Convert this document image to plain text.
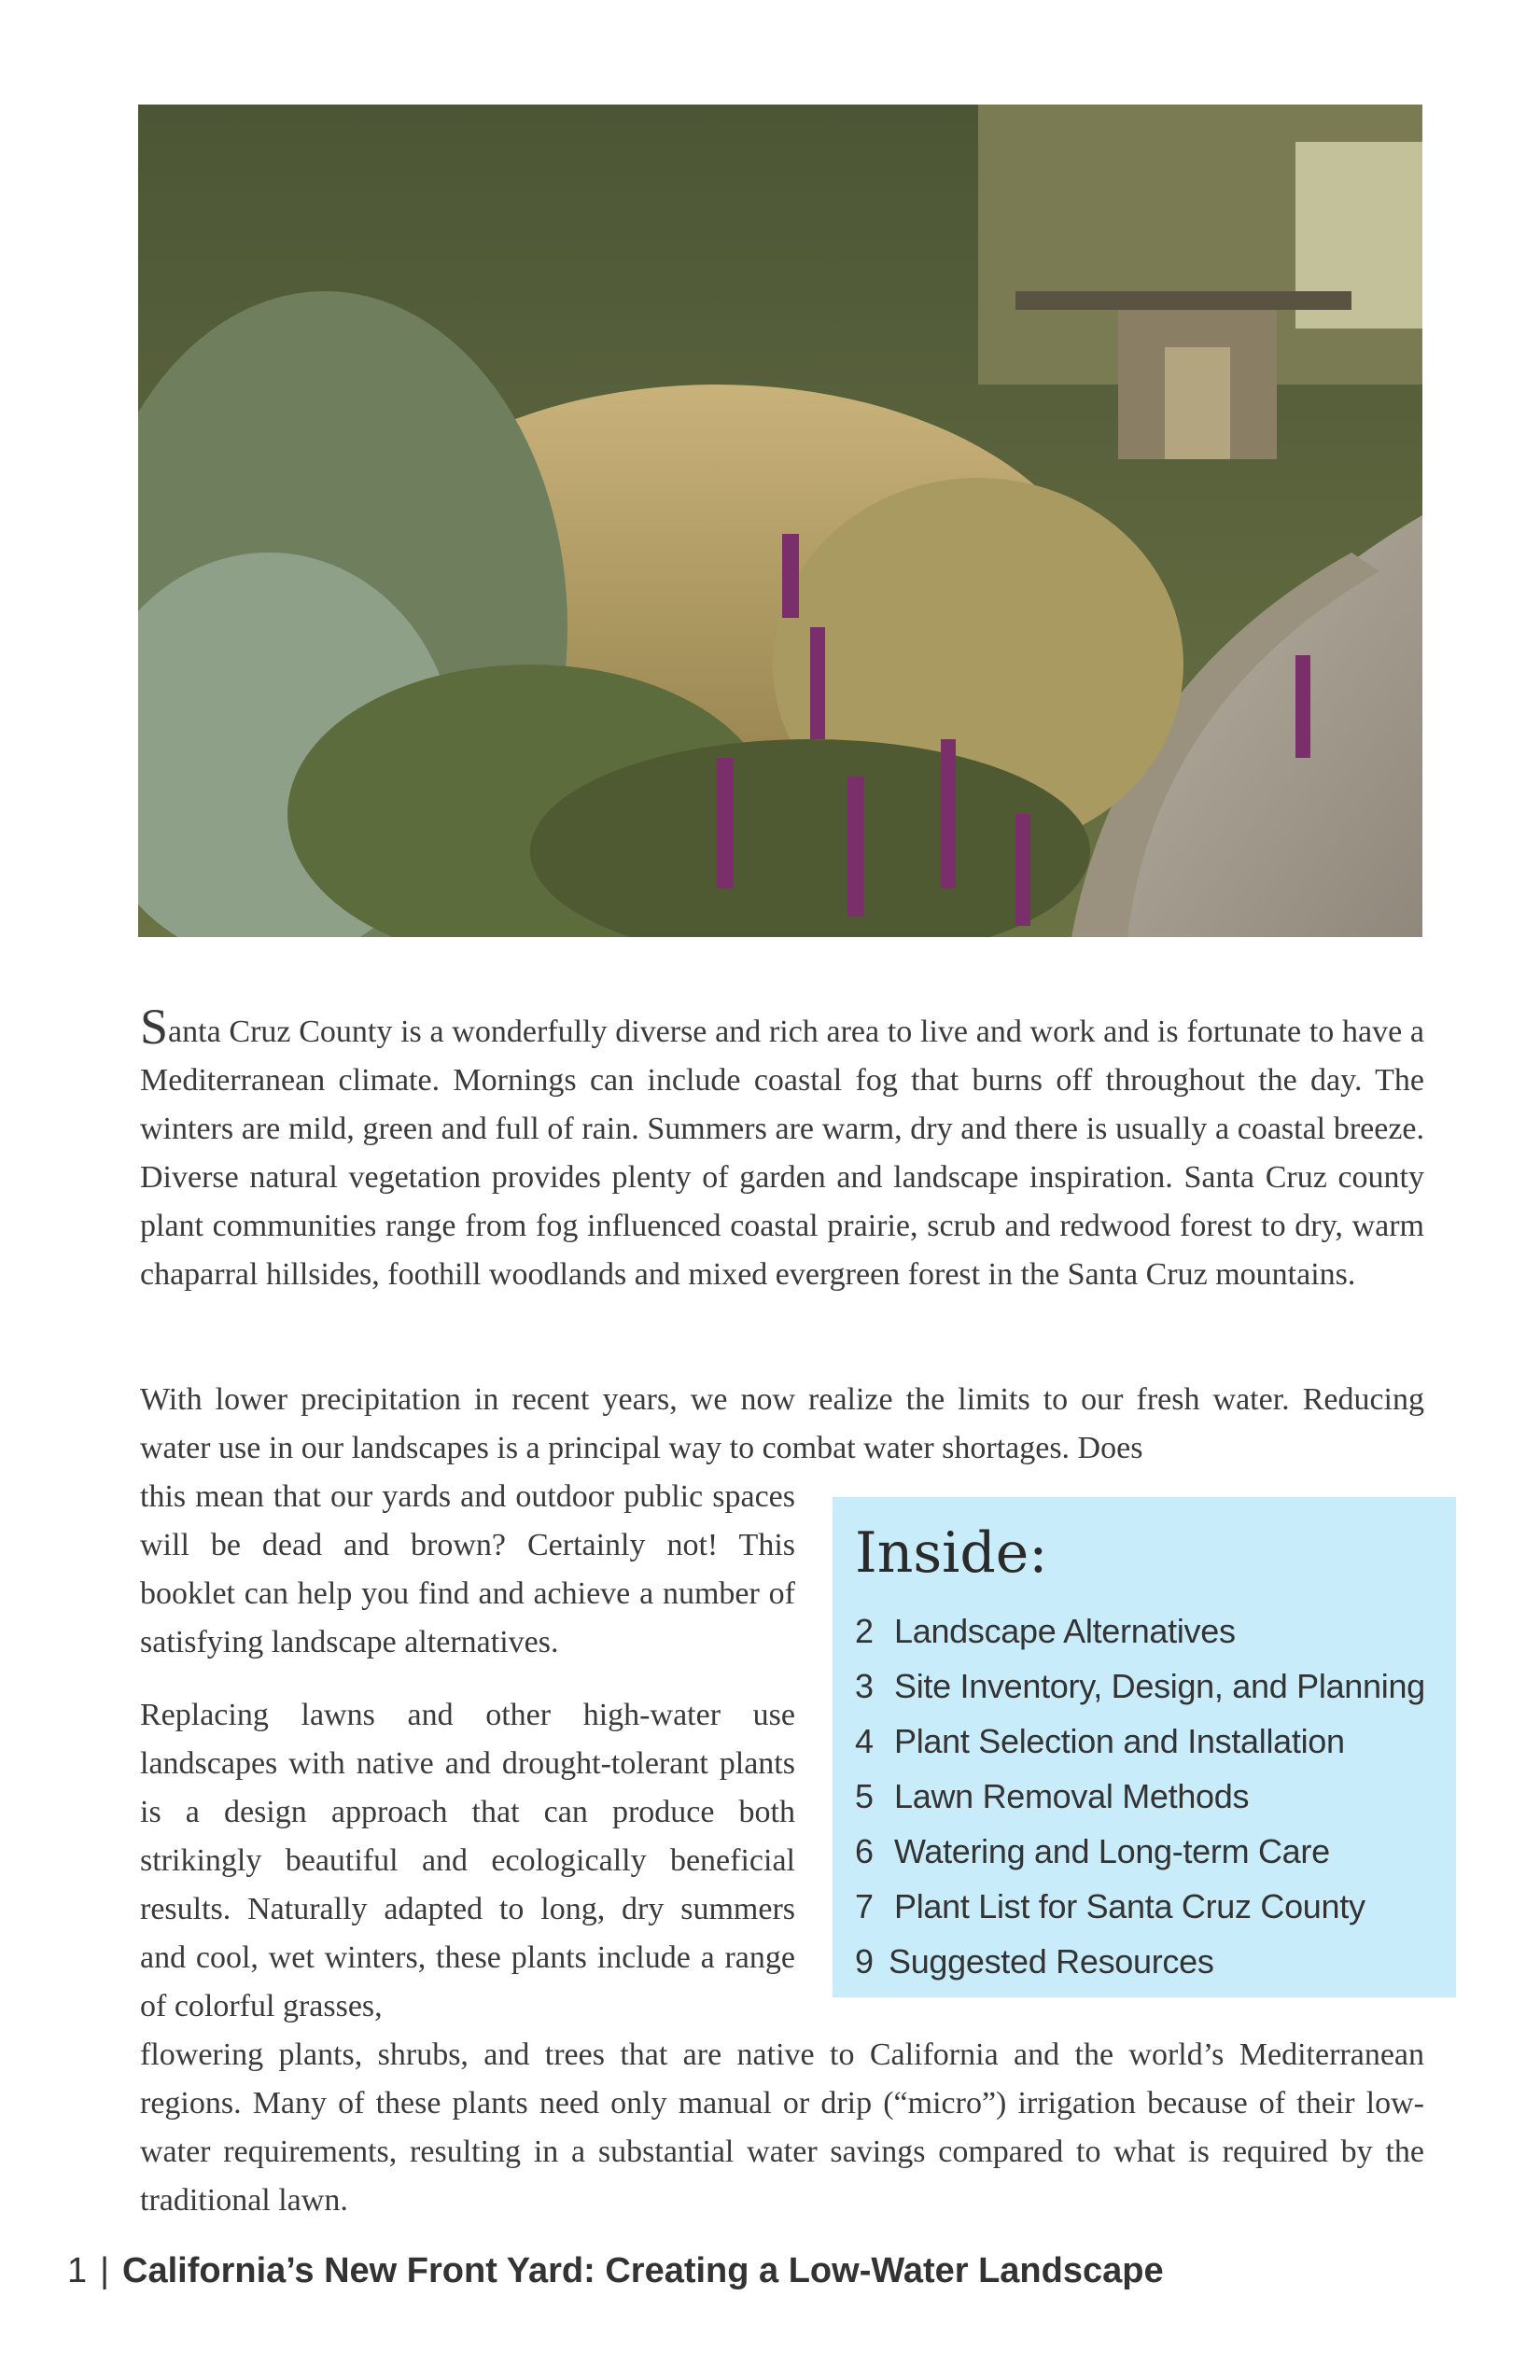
Santa Cruz County is a wonderfully diverse and rich area to live and work and is fortunate to have a Mediterranean climate. Mornings can include coastal fog that burns off throughout the day. The winters are mild, green and full of rain. Summers are warm, dry and there is usually a coastal breeze. Diverse natural vegetation provides plenty of garden and landscape inspiration. Santa Cruz county plant communities range from fog influenced coastal prairie, scrub and redwood forest to dry, warm chaparral hillsides, foothill woodlands and mixed evergreen forest in the Santa Cruz mountains.
With lower precipitation in recent years, we now realize the limits to our fresh water. Reducing water use in our landscapes is a principal way to combat water shortages. Does
this mean that our yards and outdoor public spaces will be dead and brown? Certainly not! This booklet can help you find and achieve a number of satisfying landscape alternatives.
Replacing lawns and other high-water use landscapes with native and drought-tolerant plants is a design approach that can produce both strikingly beautiful and ecologically beneficial results. Naturally adapted to long, dry summers and cool, wet winters, these plants include a range of colorful grasses,
flowering plants, shrubs, and trees that are native to California and the world’s Mediterranean regions. Many of these plants need only manual or drip (“micro”) irrigation because of their low-water requirements, resulting in a substantial water savings compared to what is required by the traditional lawn.
Inside:
2 Landscape Alternatives
3 Site Inventory, Design, and Planning
4 Plant Selection and Installation
5 Lawn Removal Methods
6 Watering and Long-term Care
7 Plant List for Santa Cruz County
9 Suggested Resources
1 | California’s New Front Yard: Creating a Low-Water Landscape
